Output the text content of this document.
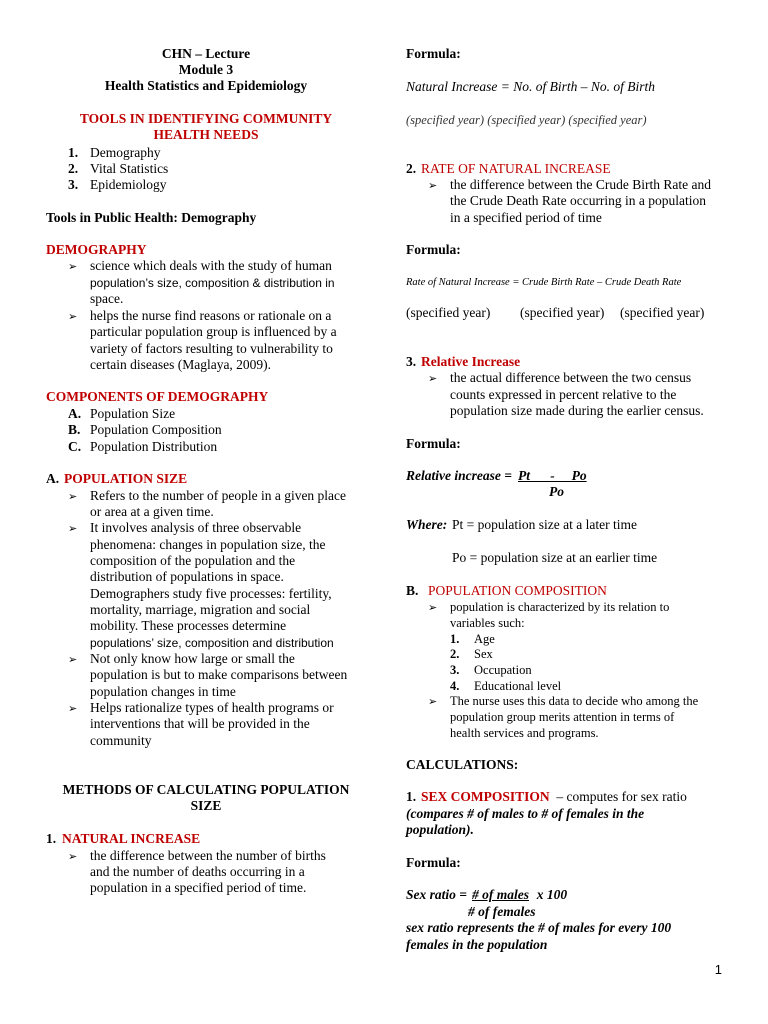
CHN – Lecture
Module 3
Health Statistics and Epidemiology
TOOLS IN IDENTIFYING COMMUNITY
HEALTH NEEDS
1. Demography
2. Vital Statistics
3. Epidemiology
Tools in Public Health: Demography
DEMOGRAPHY
➢ science which deals with the study of human
population’s size, composition & distribution in
space.
➢ helps the nurse find reasons or rationale on a
particular population group is influenced by a
variety of factors resulting to vulnerability to
certain diseases (Maglaya, 2009).
COMPONENTS OF DEMOGRAPHY
A. Population Size
B. Population Composition
C. Population Distribution
A. POPULATION SIZE
➢ Refers to the number of people in a given place
or area at a given time.
➢ It involves analysis of three observable
phenomena: changes in population size, the
composition of the population and the
distribution of populations in space.
Demographers study five processes: fertility,
mortality, marriage, migration and social
mobility. These processes determine
populations’ size, composition and distribution
➢ Not only know how large or small the
population is but to make comparisons between
population changes in time
➢ Helps rationalize types of health programs or
interventions that will be provided in the
community
METHODS OF CALCULATING POPULATION
SIZE
1. NATURAL INCREASE
➢ the difference between the number of births
and the number of deaths occurring in a
population in a specified period of time.
Formula:
Natural Increase = No. of Birth – No. of Birth
(specified year) (specified year) (specified year)
2. RATE OF NATURAL INCREASE
➢ the difference between the Crude Birth Rate and
the Crude Death Rate occurring in a population
in a specified period of time
Formula:
Rate of Natural Increase = Crude Birth Rate – Crude Death Rate
(specified year) (specified year) (specified year)
3. Relative Increase
➢ the actual difference between the two census
counts expressed in percent relative to the
population size made during the earlier census.
Formula:
Relative increase = Pt      -     Po
Po
Where: Pt = population size at a later time
Po = population size at an earlier time
B. POPULATION COMPOSITION
➢ population is characterized by its relation to
variables such:
1. Age
2. Sex
3. Occupation
4. Educational level
➢ The nurse uses this data to decide who among the
population group merits attention in terms of
health services and programs.
CALCULATIONS:
1. SEX COMPOSITION – computes for sex ratio
(compares # of males to # of females in the
population).
Formula:
Sex ratio = # of males x 100
# of females
sex ratio represents the # of males for every 100
females in the population
1
